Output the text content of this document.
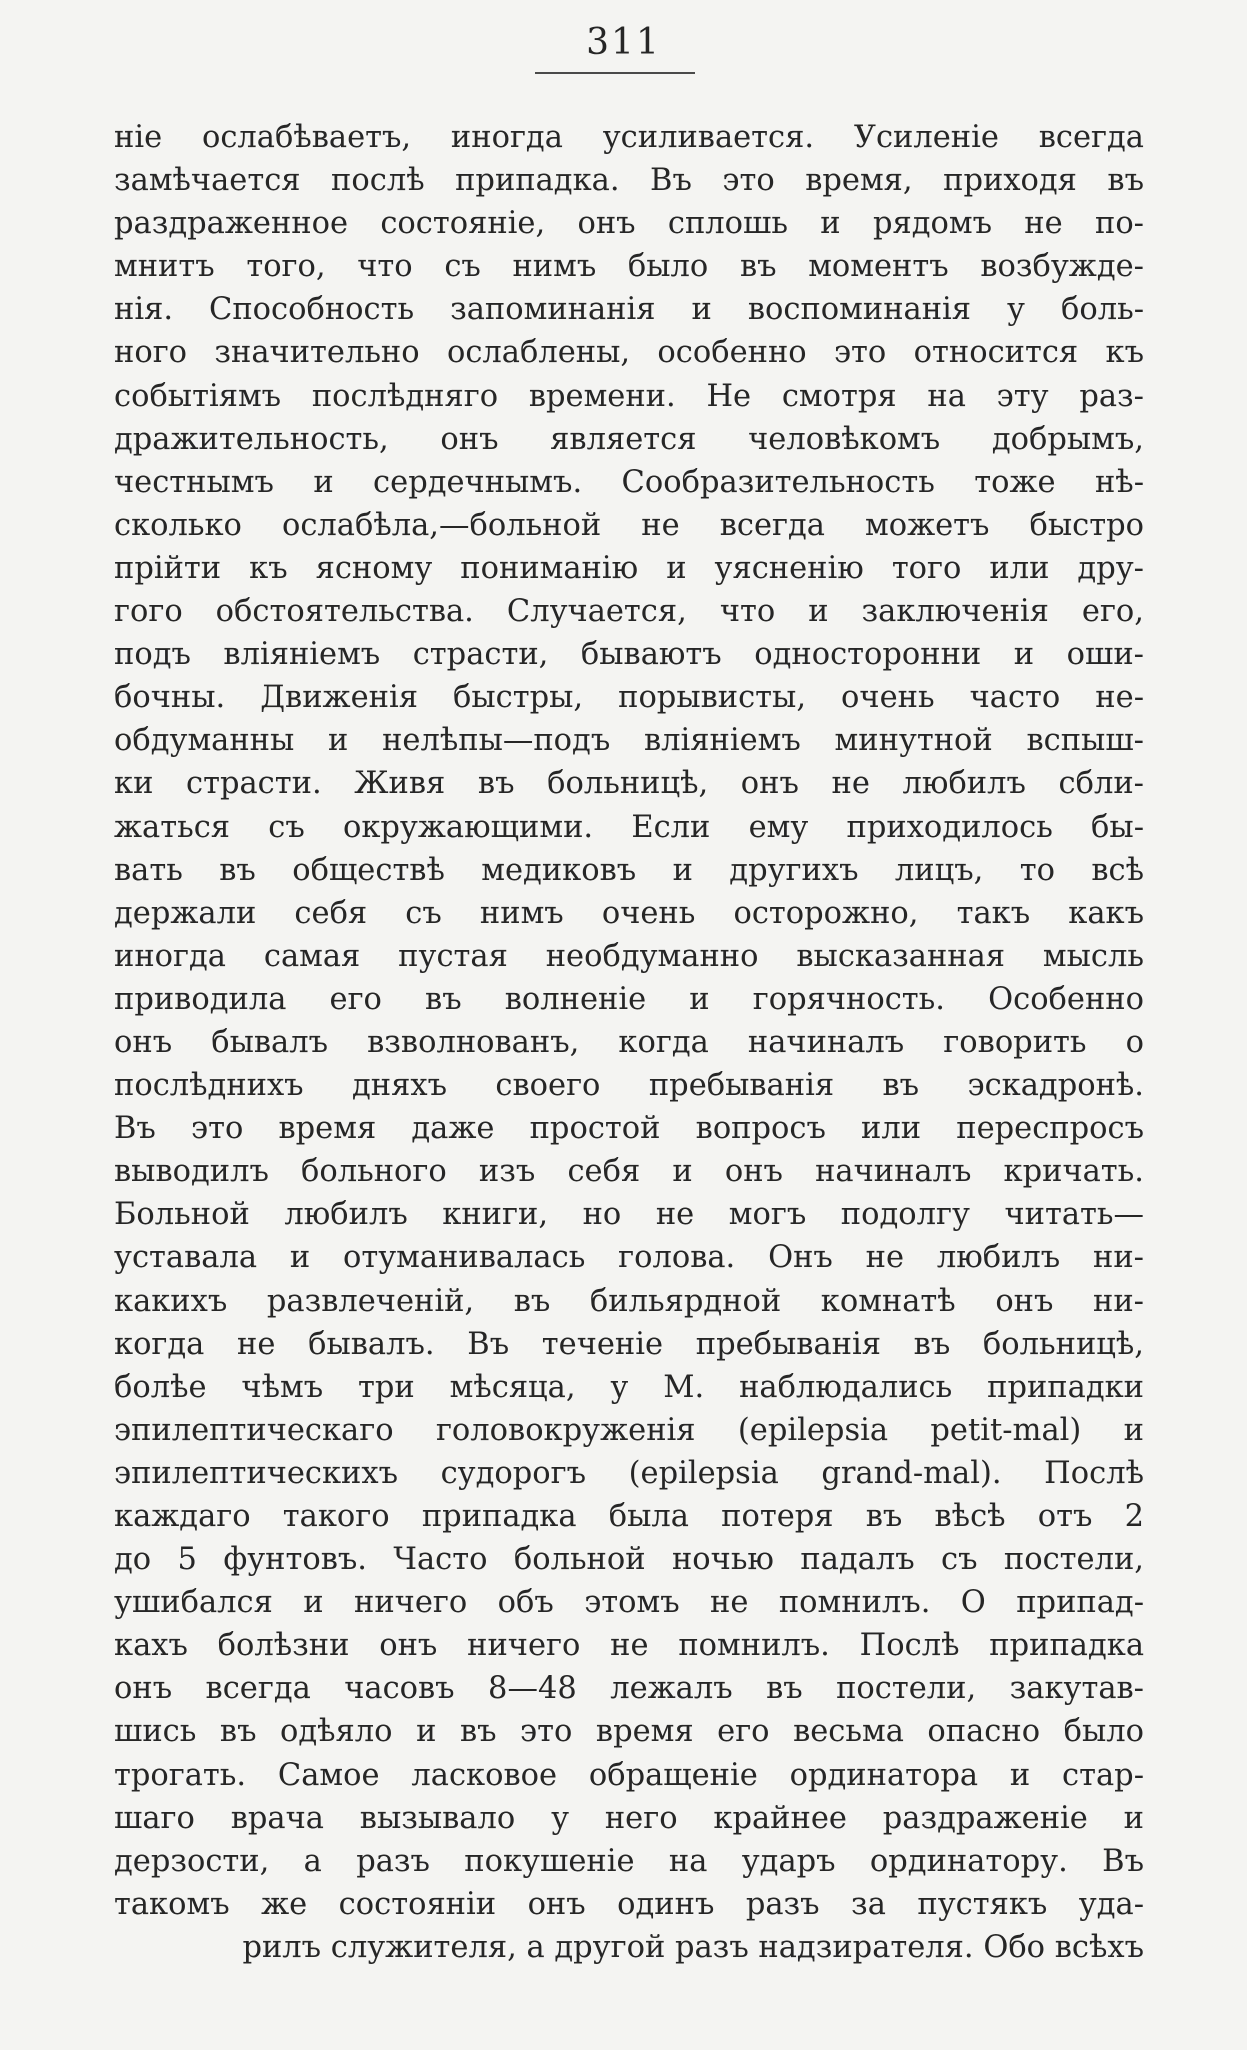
311
ніе ослабѣваетъ, иногда усиливается. Усиленіе всегда
замѣчается послѣ припадка. Въ это время, приходя въ
раздраженное состояніе, онъ сплошь и рядомъ не по-
мнитъ того, что съ нимъ было въ моментъ возбужде-
нія. Способность запоминанія и воспоминанія у боль-
ного значительно ослаблены, особенно это относится къ
событіямъ послѣдняго времени. Не смотря на эту раз-
дражительность, онъ является человѣкомъ добрымъ,
честнымъ и сердечнымъ. Сообразительность тоже нѣ-
сколько ослабѣла,—больной не всегда можетъ быстро
прійти къ ясному пониманію и уясненію того или дру-
гого обстоятельства. Случается, что и заключенія его,
подъ вліяніемъ страсти, бываютъ односторонни и оши-
бочны. Движенія быстры, порывисты, очень часто не-
обдуманны и нелѣпы—подъ вліяніемъ минутной вспыш-
ки страсти. Живя въ больницѣ, онъ не любилъ сбли-
жаться съ окружающими. Если ему приходилось бы-
вать въ обществѣ медиковъ и другихъ лицъ, то всѣ
держали себя съ нимъ очень осторожно, такъ какъ
иногда самая пустая необдуманно высказанная мысль
приводила его въ волненіе и горячность. Особенно
онъ бывалъ взволнованъ, когда начиналъ говорить о
послѣднихъ дняхъ своего пребыванія въ эскадронѣ.
Въ это время даже простой вопросъ или переспросъ
выводилъ больного изъ себя и онъ начиналъ кричать.
Больной любилъ книги, но не могъ подолгу читать—
уставала и отуманивалась голова. Онъ не любилъ ни-
какихъ развлеченій, въ бильярдной комнатѣ онъ ни-
когда не бывалъ. Въ теченіе пребыванія въ больницѣ,
болѣе чѣмъ три мѣсяца, у М. наблюдались припадки
эпилептическаго головокруженія (epilepsia petit-mal) и
эпилептическихъ судорогъ (epilepsia grand-mal). Послѣ
каждаго такого припадка была потеря въ вѣсѣ отъ 2
до 5 фунтовъ. Часто больной ночью падалъ съ постели,
ушибался и ничего объ этомъ не помнилъ. О припад-
кахъ болѣзни онъ ничего не помнилъ. Послѣ припадка
онъ всегда часовъ 8—48 лежалъ въ постели, закутав-
шись въ одѣяло и въ это время его весьма опасно было
трогать. Самое ласковое обращеніе ординатора и стар-
шаго врача вызывало у него крайнее раздраженіе и
дерзости, а разъ покушеніе на ударъ ординатору. Въ
такомъ же состояніи онъ одинъ разъ за пустякъ уда-
рилъ служителя, а другой разъ надзирателя. Обо всѣхъ
